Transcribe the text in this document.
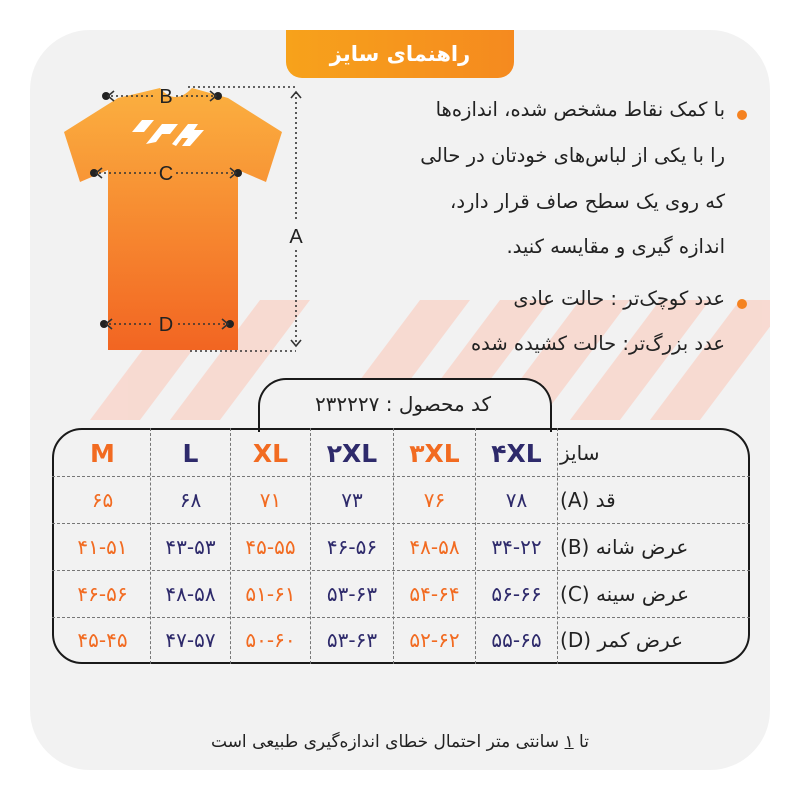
راهنمای سایز
B
C
D
A
با کمک نقاط مشخص شده، اندازه‌ها
را با یکی از لباس‌های خودتان در حالی
که روی یک سطح صاف قرار دارد،
اندازه گیری و مقایسه کنید.
عدد کوچک‌تر : حالت عادی
عدد بزرگ‌تر: حالت کشیده شده
کد محصول : ۲۳۲۲۲۷
۴XL
۳XL
۲XL
XL
L
M	سایز
قد (A)
۷۸
۷۶
۷۳
۷۱
۶۸
۶۵
عرض شانه (B)
۳۴-۲۲
۴۸-۵۸
۴۶-۵۶
۴۵-۵۵
۴۳-۵۳
۴۱-۵۱
عرض سینه (C)
۵۶-۶۶
۵۴-۶۴
۵۳-۶۳
۵۱-۶۱
۴۸-۵۸
۴۶-۵۶
عرض کمر (D)
۵۵-۶۵
۵۲-۶۲
۵۳-۶۳
۵۰-۶۰
۴۷-۵۷
۴۵-۴۵
تا ۱ سانتی متر احتمال خطای اندازه‌گیری طبیعی است
